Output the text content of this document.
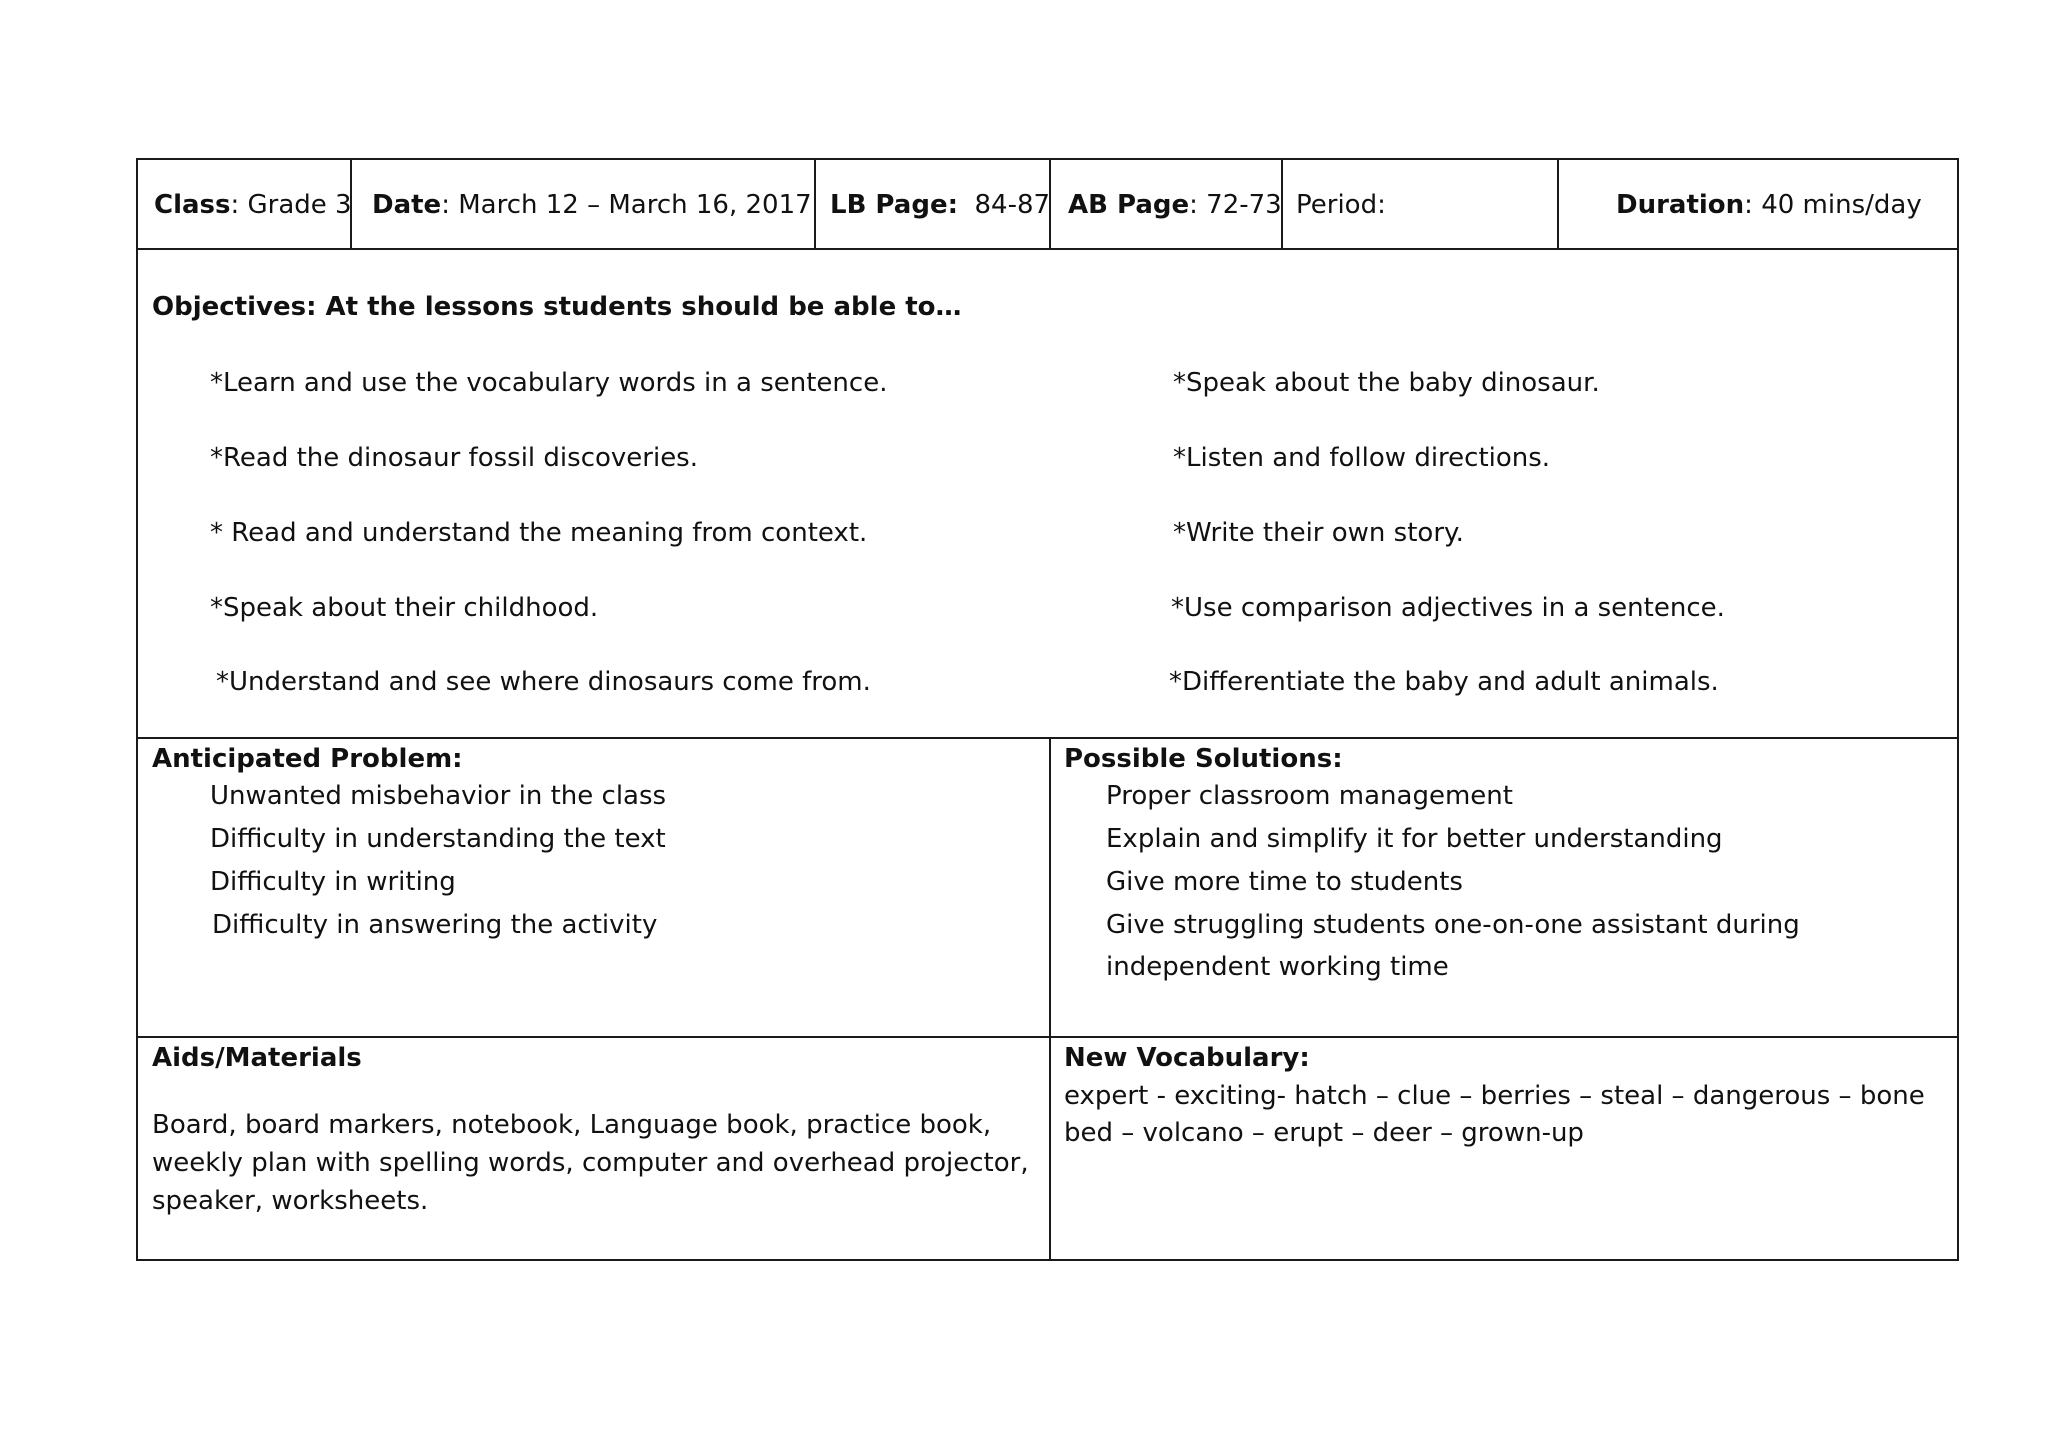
Class: Grade 3 Date: March 12 – March 16, 2017 LB Page: 84-87 AB Page: 72-73 Period:	Duration: 40 mins/day
Objectives: At the lessons students should be able to…
*Learn and use the vocabulary words in a sentence.
*Read the dinosaur fossil discoveries.
* Read and understand the meaning from context.
*Speak about their childhood.
*Understand and see where dinosaurs come from.
*Speak about the baby dinosaur.
*Listen and follow directions.
*Write their own story.
*Use comparison adjectives in a sentence.
*Differentiate the baby and adult animals.
Anticipated Problem:
Unwanted misbehavior in the class
Difficulty in understanding the text
Difficulty in writing
Difficulty in answering the activity
Possible Solutions:
Proper classroom management
Explain and simplify it for better understanding
Give more time to students
Give struggling students one-on-one assistant during
independent working time
Aids/Materials
Board, board markers, notebook, Language book, practice book, weekly plan with spelling words, computer and overhead projector, speaker, worksheets.
New Vocabulary:
expert - exciting- hatch – clue – berries – steal – dangerous – bone
bed – volcano – erupt – deer – grown-up
